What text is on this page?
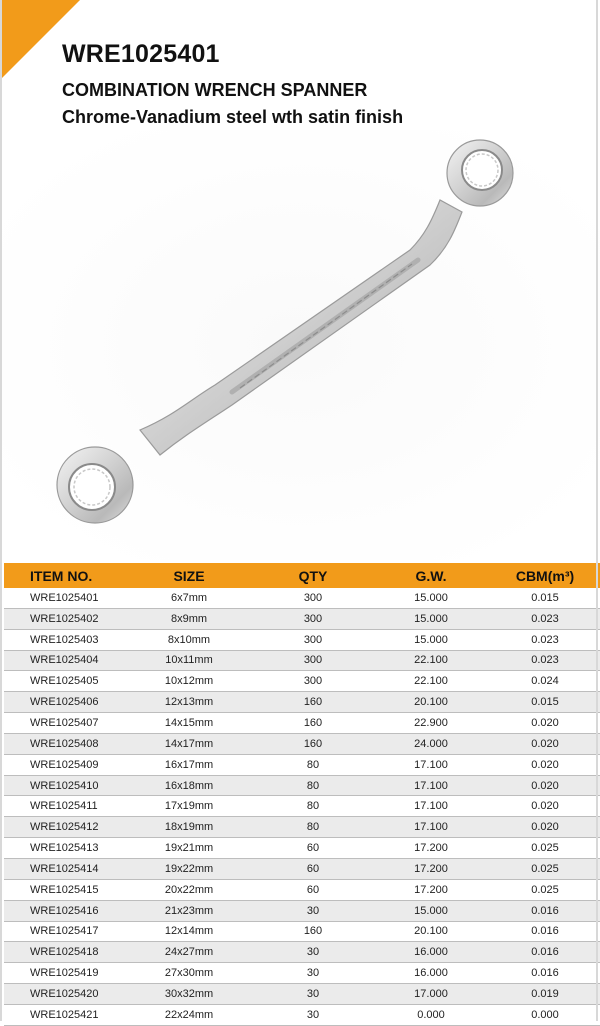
WRE1025401
COMBINATION WRENCH SPANNER

Chrome-Vanadium steel wth satin finish

ITEM NO.	SIZE	QTY	G.W.	CBM(m³)
WRE1025401	6x7mm	300	15.000	0.015
WRE1025402	8x9mm	300	15.000	0.023
WRE1025403	8x10mm	300	15.000	0.023
WRE1025404	10x11mm	300	22.100	0.023
WRE1025405	10x12mm	300	22.100	0.024
WRE1025406	12x13mm	160	20.100	0.015
WRE1025407	14x15mm	160	22.900	0.020
WRE1025408	14x17mm	160	24.000	0.020
WRE1025409	16x17mm	80	17.100	0.020
WRE1025410	16x18mm	80	17.100	0.020
WRE1025411	17x19mm	80	17.100	0.020
WRE1025412	18x19mm	80	17.100	0.020
WRE1025413	19x21mm	60	17.200	0.025
WRE1025414	19x22mm	60	17.200	0.025
WRE1025415	20x22mm	60	17.200	0.025
WRE1025416	21x23mm	30	15.000	0.016
WRE1025417	12x14mm	160	20.100	0.016
WRE1025418	24x27mm	30	16.000	0.016
WRE1025419	27x30mm	30	16.000	0.016
WRE1025420	30x32mm	30	17.000	0.019
WRE1025421	22x24mm	30	0.000	0.000
